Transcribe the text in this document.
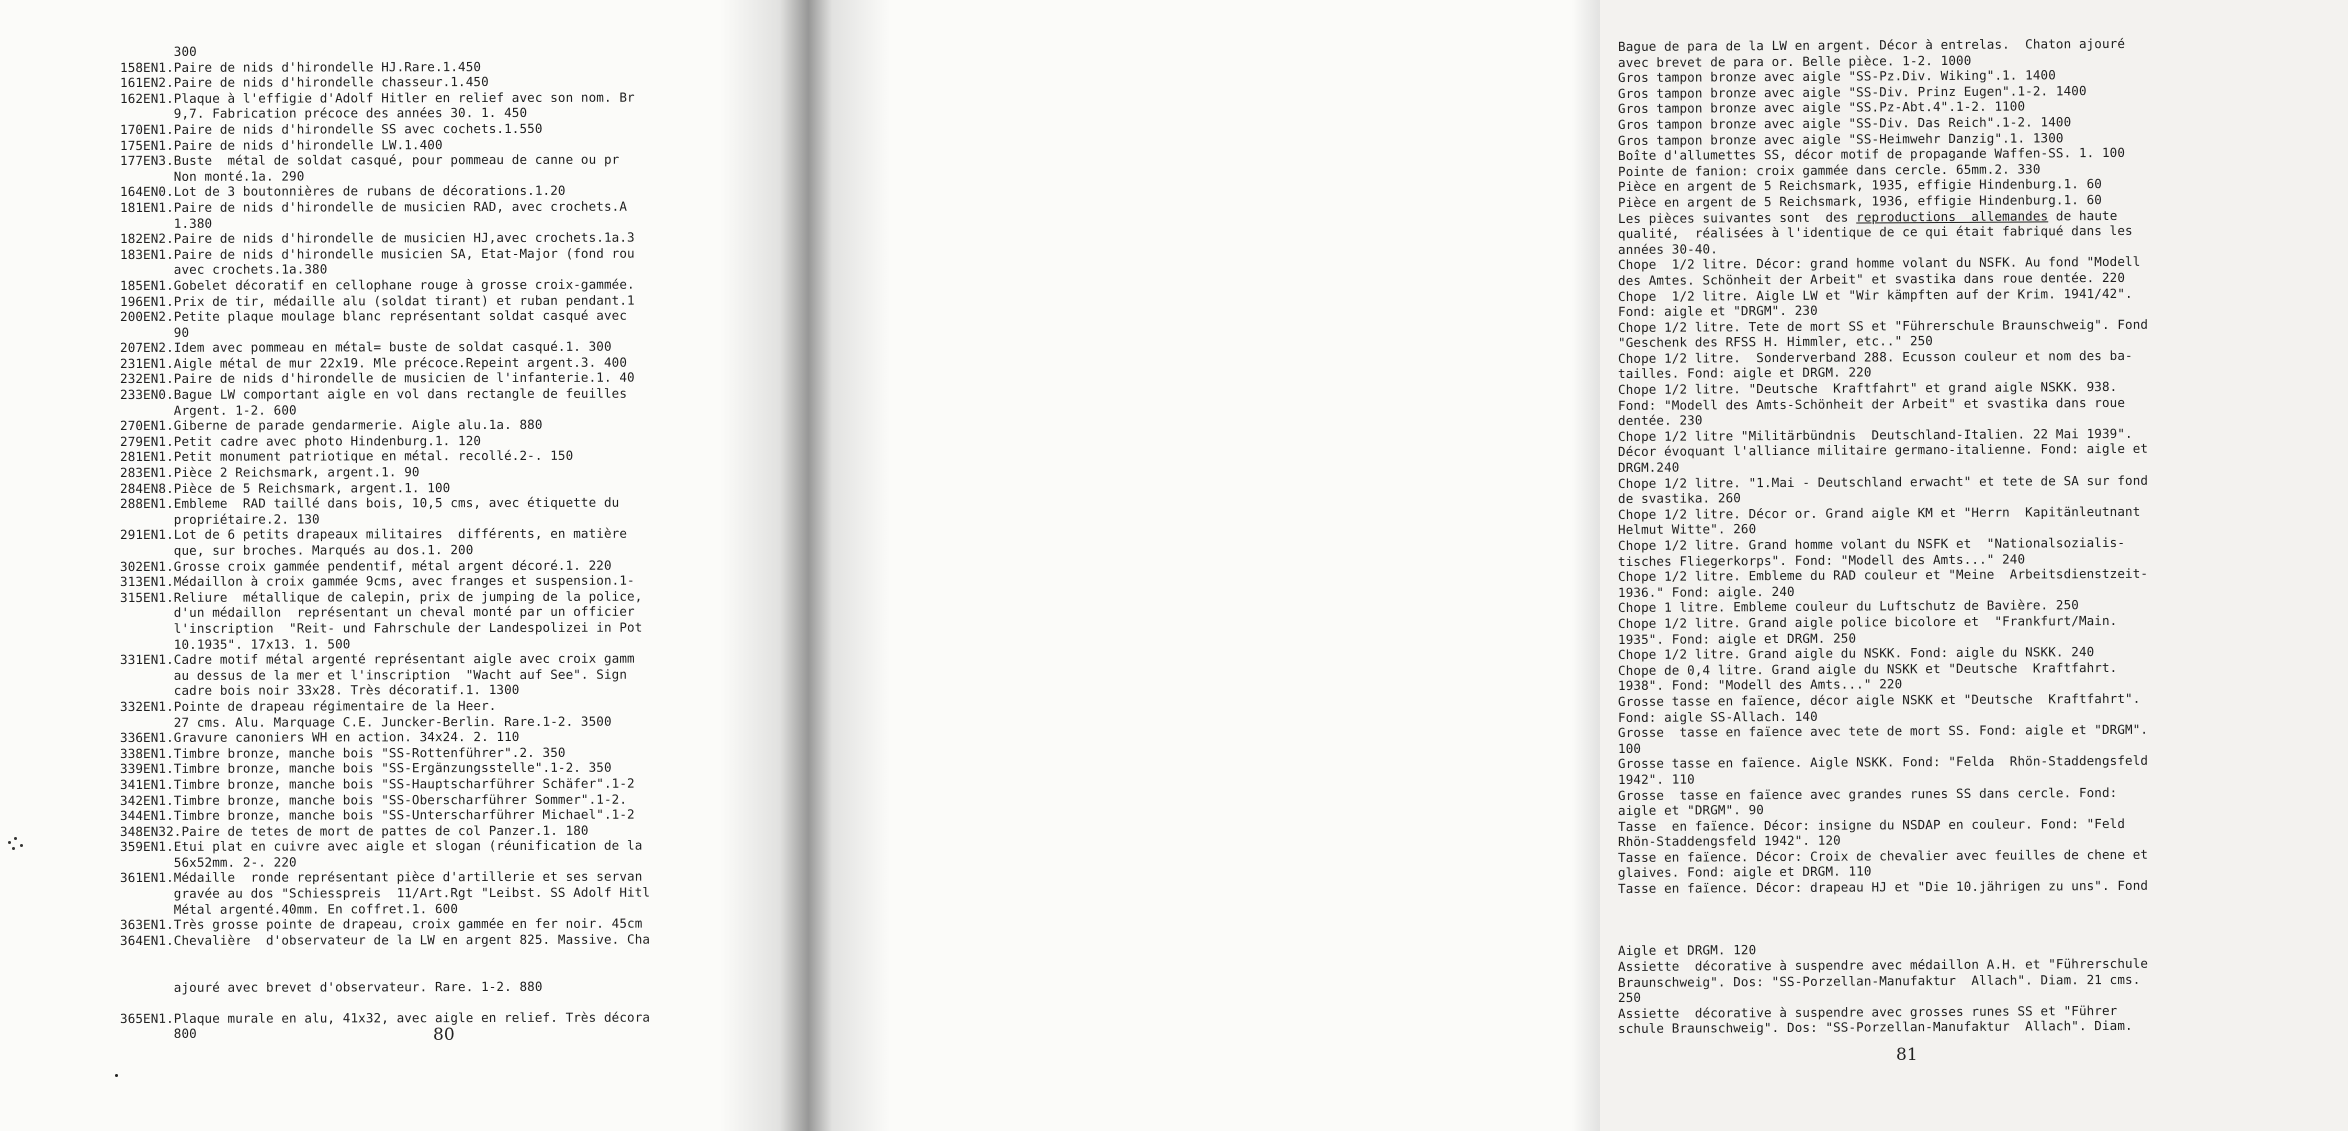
300
158EN1.Paire de nids d'hirondelle HJ.Rare.1.450
161EN2.Paire de nids d'hirondelle chasseur.1.450
162EN1.Plaque à l'effigie d'Adolf Hitler en relief avec son nom. Br
9,7. Fabrication précoce des années 30. 1. 450
170EN1.Paire de nids d'hirondelle SS avec cochets.1.550
175EN1.Paire de nids d'hirondelle LW.1.400
177EN3.Buste  métal de soldat casqué, pour pommeau de canne ou pr
Non monté.1a. 290
164EN0.Lot de 3 boutonnières de rubans de décorations.1.20
181EN1.Paire de nids d'hirondelle de musicien RAD, avec crochets.A
1.380
182EN2.Paire de nids d'hirondelle de musicien HJ,avec crochets.1a.3
183EN1.Paire de nids d'hirondelle musicien SA, Etat-Major (fond rou
avec crochets.1a.380
185EN1.Gobelet décoratif en cellophane rouge à grosse croix-gammée.
196EN1.Prix de tir, médaille alu (soldat tirant) et ruban pendant.1
200EN2.Petite plaque moulage blanc représentant soldat casqué avec
90
207EN2.Idem avec pommeau en métal= buste de soldat casqué.1. 300
231EN1.Aigle métal de mur 22x19. Mle précoce.Repeint argent.3. 400
232EN1.Paire de nids d'hirondelle de musicien de l'infanterie.1. 40
233EN0.Bague LW comportant aigle en vol dans rectangle de feuilles
Argent. 1-2. 600
270EN1.Giberne de parade gendarmerie. Aigle alu.1a. 880
279EN1.Petit cadre avec photo Hindenburg.1. 120
281EN1.Petit monument patriotique en métal. recollé.2-. 150
283EN1.Pièce 2 Reichsmark, argent.1. 90
284EN8.Pièce de 5 Reichsmark, argent.1. 100
288EN1.Embleme  RAD taillé dans bois, 10,5 cms, avec étiquette du
propriétaire.2. 130
291EN1.Lot de 6 petits drapeaux militaires  différents, en matière
que, sur broches. Marqués au dos.1. 200
302EN1.Grosse croix gammée pendentif, métal argent décoré.1. 220
313EN1.Médaillon à croix gammée 9cms, avec franges et suspension.1-
315EN1.Reliure  métallique de calepin, prix de jumping de la police,
d'un médaillon  représentant un cheval monté par un officier
l'inscription  "Reit- und Fahrschule der Landespolizei in Pot
10.1935". 17x13. 1. 500
331EN1.Cadre motif métal argenté représentant aigle avec croix gamm
au dessus de la mer et l'inscription  "Wacht auf See". Sign
cadre bois noir 33x28. Très décoratif.1. 1300
332EN1.Pointe de drapeau régimentaire de la Heer.
27 cms. Alu. Marquage C.E. Juncker-Berlin. Rare.1-2. 3500
336EN1.Gravure canoniers WH en action. 34x24. 2. 110
338EN1.Timbre bronze, manche bois "SS-Rottenführer".2. 350
339EN1.Timbre bronze, manche bois "SS-Ergänzungsstelle".1-2. 350
341EN1.Timbre bronze, manche bois "SS-Hauptscharführer Schäfer".1-2
342EN1.Timbre bronze, manche bois "SS-Oberscharführer Sommer".1-2.
344EN1.Timbre bronze, manche bois "SS-Unterscharführer Michael".1-2
348EN32.Paire de tetes de mort de pattes de col Panzer.1. 180
359EN1.Etui plat en cuivre avec aigle et slogan (réunification de la
56x52mm. 2-. 220
361EN1.Médaille  ronde représentant pièce d'artillerie et ses servan
gravée au dos "Schiesspreis  11/Art.Rgt "Leibst. SS Adolf Hitl
Métal argenté.40mm. En coffret.1. 600
363EN1.Très grosse pointe de drapeau, croix gammée en fer noir. 45cm
364EN1.Chevalière  d'observateur de la LW en argent 825. Massive. Cha
ajouré avec brevet d'observateur. Rare. 1-2. 880
365EN1.Plaque murale en alu, 41x32, avec aigle en relief. Très décora
800	80
Bague de para de la LW en argent. Décor à entrelas.  Chaton ajouré
avec brevet de para or. Belle pièce. 1-2. 1000
Gros tampon bronze avec aigle "SS-Pz.Div. Wiking".1. 1400
Gros tampon bronze avec aigle "SS-Div. Prinz Eugen".1-2. 1400
Gros tampon bronze avec aigle "SS.Pz-Abt.4".1-2. 1100
Gros tampon bronze avec aigle "SS-Div. Das Reich".1-2. 1400
Gros tampon bronze avec aigle "SS-Heimwehr Danzig".1. 1300
Boîte d'allumettes SS, décor motif de propagande Waffen-SS. 1. 100
Pointe de fanion: croix gammée dans cercle. 65mm.2. 330
Pièce en argent de 5 Reichsmark, 1935, effigie Hindenburg.1. 60
Pièce en argent de 5 Reichsmark, 1936, effigie Hindenburg.1. 60
Les pièces suivantes sont  des reproductions  allemandes de haute
qualité,  réalisées à l'identique de ce qui était fabriqué dans les
années 30-40.
Chope  1/2 litre. Décor: grand homme volant du NSFK. Au fond "Modell
des Amtes. Schönheit der Arbeit" et svastika dans roue dentée. 220
Chope  1/2 litre. Aigle LW et "Wir kämpften auf der Krim. 1941/42".
Fond: aigle et "DRGM". 230
Chope 1/2 litre. Tete de mort SS et "Führerschule Braunschweig". Fond
"Geschenk des RFSS H. Himmler, etc.." 250
Chope 1/2 litre.  Sonderverband 288. Ecusson couleur et nom des ba-
tailles. Fond: aigle et DRGM. 220
Chope 1/2 litre. "Deutsche  Kraftfahrt" et grand aigle NSKK. 938.
Fond: "Modell des Amts-Schönheit der Arbeit" et svastika dans roue
dentée. 230
Chope 1/2 litre "Militärbündnis  Deutschland-Italien. 22 Mai 1939".
Décor évoquant l'alliance militaire germano-italienne. Fond: aigle et
DRGM.240
Chope 1/2 litre. "1.Mai - Deutschland erwacht" et tete de SA sur fond
de svastika. 260
Chope 1/2 litre. Décor or. Grand aigle KM et "Herrn  Kapitänleutnant
Helmut Witte". 260
Chope 1/2 litre. Grand homme volant du NSFK et  "Nationalsozialis-
tisches Fliegerkorps". Fond: "Modell des Amts..." 240
Chope 1/2 litre. Embleme du RAD couleur et "Meine  Arbeitsdienstzeit-
1936." Fond: aigle. 240
Chope 1 litre. Embleme couleur du Luftschutz de Bavière. 250
Chope 1/2 litre. Grand aigle police bicolore et  "Frankfurt/Main.
1935". Fond: aigle et DRGM. 250
Chope 1/2 litre. Grand aigle du NSKK. Fond: aigle du NSKK. 240
Chope de 0,4 litre. Grand aigle du NSKK et "Deutsche  Kraftfahrt.
1938". Fond: "Modell des Amts..." 220
Grosse tasse en faïence, décor aigle NSKK et "Deutsche  Kraftfahrt".
Fond: aigle SS-Allach. 140
Grosse  tasse en faïence avec tete de mort SS. Fond: aigle et "DRGM".
100
Grosse tasse en faïence. Aigle NSKK. Fond: "Felda  Rhön-Staddengsfeld
1942". 110
Grosse  tasse en faïence avec grandes runes SS dans cercle. Fond:
aigle et "DRGM". 90
Tasse  en faïence. Décor: insigne du NSDAP en couleur. Fond: "Feld
Rhön-Staddengsfeld 1942". 120
Tasse en faïence. Décor: Croix de chevalier avec feuilles de chene et
glaives. Fond: aigle et DRGM. 110
Tasse en faïence. Décor: drapeau HJ et "Die 10.jährigen zu uns". Fond
Aigle et DRGM. 120
Assiette  décorative à suspendre avec médaillon A.H. et "Führerschule
Braunschweig". Dos: "SS-Porzellan-Manufaktur  Allach". Diam. 21 cms.
250
Assiette  décorative à suspendre avec grosses runes SS et "Führer
schule Braunschweig". Dos: "SS-Porzellan-Manufaktur  Allach". Diam.
81
